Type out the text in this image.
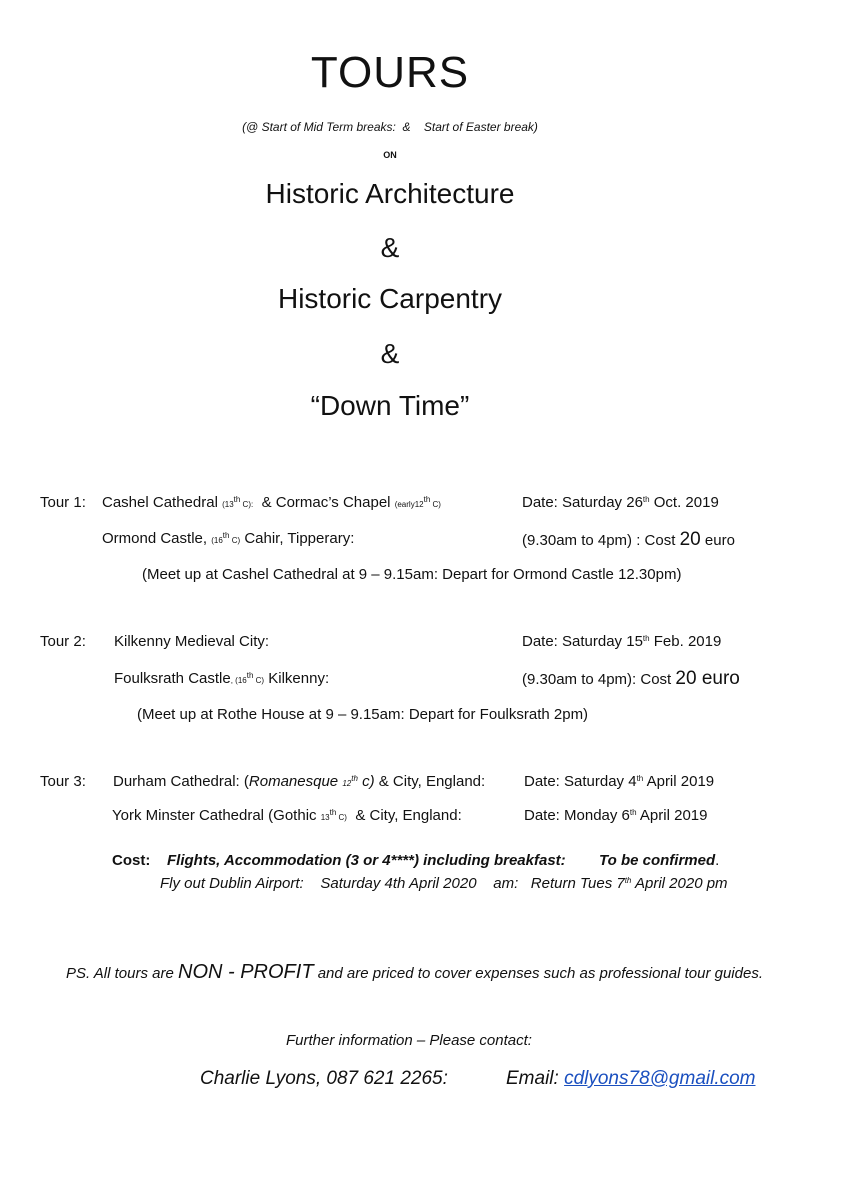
TOURS
(@ Start of Mid Term breaks: & Start of Easter break)
ON
Historic Architecture
&
Historic Carpentry
&
“Down Time”
Tour 1: Cashel Cathedral (13th C): & Cormac’s Chapel (early12th C)	Date: Saturday 26th Oct. 2019
Ormond Castle, (16th C) Cahir, Tipperary:	(9.30am to 4pm) : Cost 20 euro
(Meet up at Cashel Cathedral at 9 – 9.15am: Depart for Ormond Castle 12.30pm)
Tour 2: Kilkenny Medieval City:	Date: Saturday 15th Feb. 2019
Foulksrath Castle, (16th C) Kilkenny:	(9.30am to 4pm): Cost 20 euro
(Meet up at Rothe House at 9 – 9.15am: Depart for Foulksrath 2pm)
Tour 3: Durham Cathedral: (Romanesque 12th c) & City, England:	Date: Saturday 4th April 2019
York Minster Cathedral (Gothic 13th C) & City, England:	Date: Monday 6th April 2019
Cost: Flights, Accommodation (3 or 4****) including breakfast: To be confirmed.
Fly out Dublin Airport: Saturday 4th April 2020 am: Return Tues 7th April 2020 pm
PS. All tours are NON - PROFIT and are priced to cover expenses such as professional tour guides.
Further information – Please contact:
Charlie Lyons, 087 621 2265:	Email: cdlyons78@gmail.com
